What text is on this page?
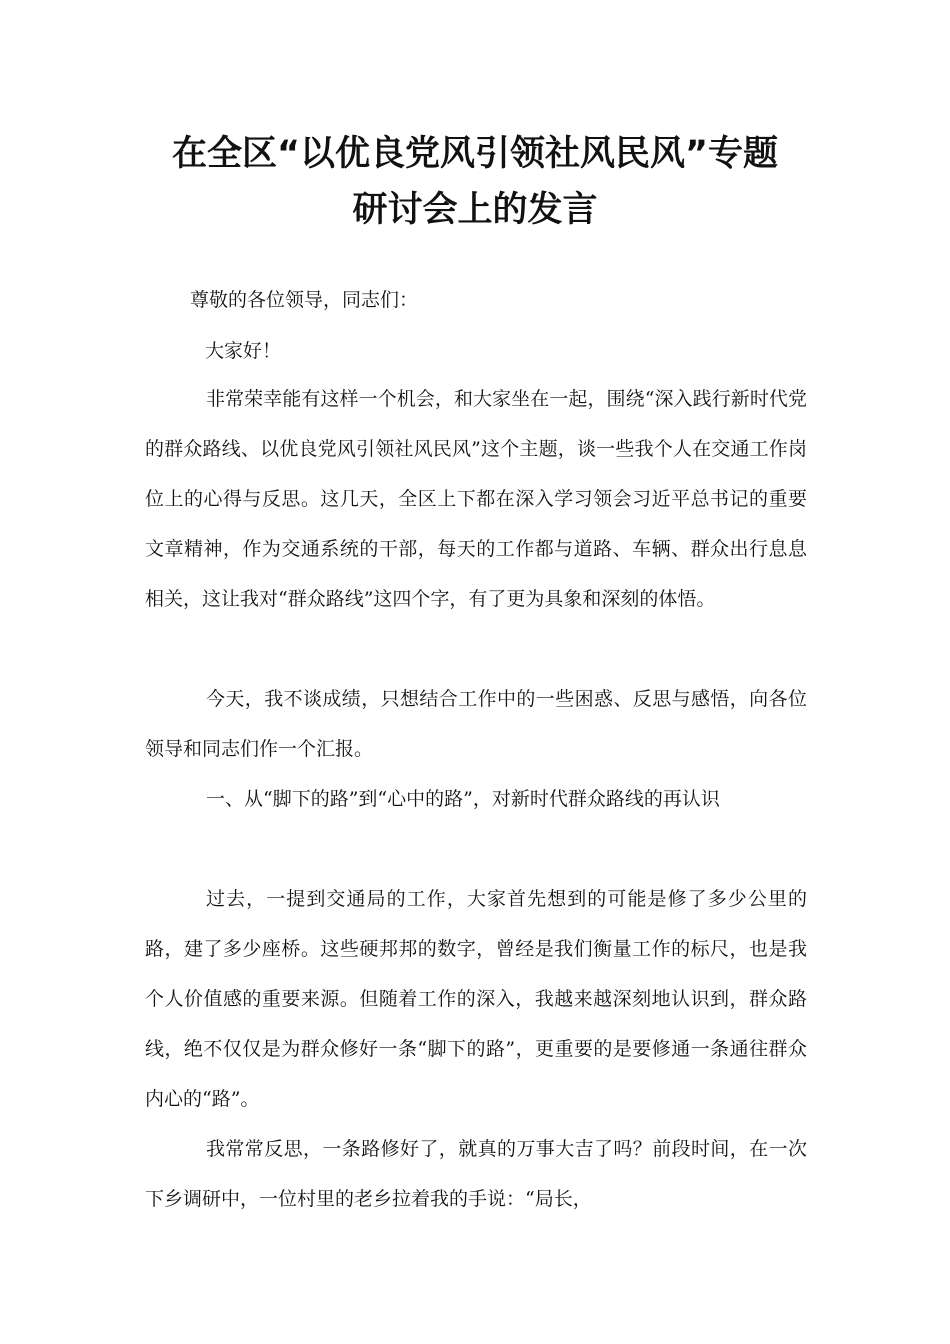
在全区“以优良党风引领社风民风”专题
研讨会上的发言
尊敬的各位领导，同志们：
大家好！

非常荣幸能有这样一个机会，和大家坐在一起，围绕“深入践行新时代党的群众路线、以优良党风引领社风民风”这个主题，谈一些我个人在交通工作岗位上的心得与反思。这几天，全区上下都在深入学习领会习近平总书记的重要文章精神，作为交通系统的干部，每天的工作都与道路、车辆、群众出行息息相关，这让我对“群众路线”这四个字，有了更为具象和深刻的体悟。

今天，我不谈成绩，只想结合工作中的一些困惑、反思与感悟，向各位领导和同志们作一个汇报。

一、从“脚下的路”到“心中的路”，对新时代群众路线的再认识

过去，一提到交通局的工作，大家首先想到的可能是修了多少公里的路，建了多少座桥。这些硬邦邦的数字，曾经是我们衡量工作的标尺，也是我个人价值感的重要来源。但随着工作的深入，我越来越深刻地认识到，群众路线，绝不仅仅是为群众修好一条“脚下的路”，更重要的是要修通一条通往群众内心的“路”。

我常常反思，一条路修好了，就真的万事大吉了吗？前段时间，在一次下乡调研中，一位村里的老乡拉着我的手说：“局长，
